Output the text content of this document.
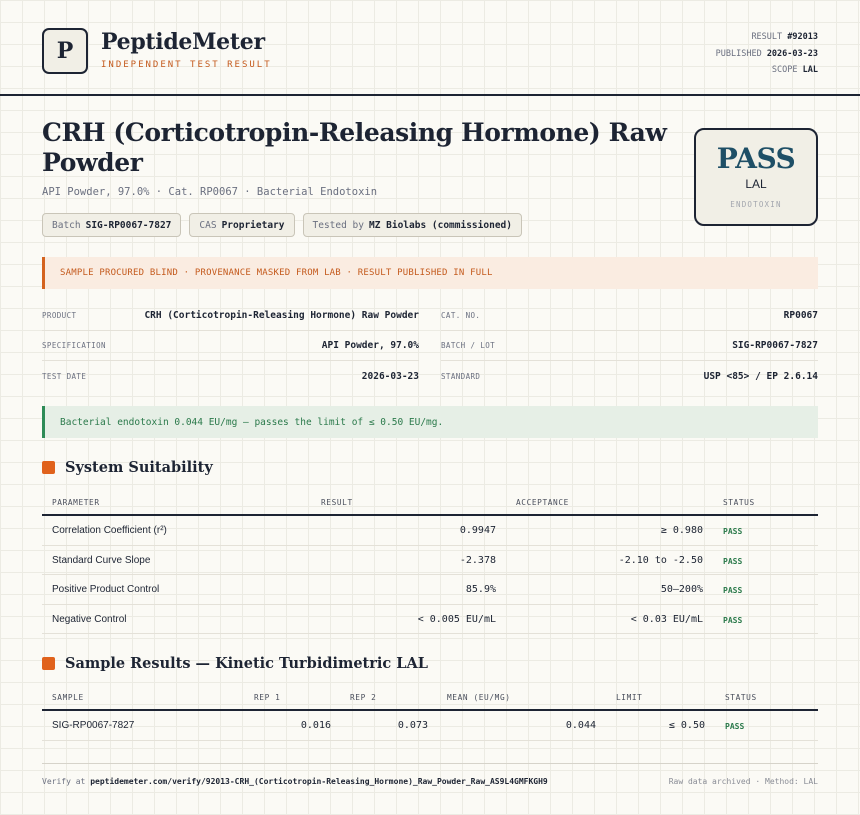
P	PeptideMeter
INDEPENDENT TEST RESULT
RESULT #92013
PUBLISHED 2026-03-23
SCOPE LAL
CRH (Corticotropin-Releasing Hormone) Raw Powder
API Powder, 97.0% · Cat. RP0067 · Bacterial Endotoxin
Batch SIG-RP0067-7827	CAS Proprietary	Tested by MZ Biolabs (commissioned)
PASS
LAL
ENDOTOXIN
SAMPLE PROCURED BLIND · PROVENANCE MASKED FROM LAB · RESULT PUBLISHED IN FULL
PRODUCT	CRH (Corticotropin-Releasing Hormone) Raw Powder
SPECIFICATION	API Powder, 97.0%
TEST DATE	2026-03-23
CAT. NO.	RP0067
BATCH / LOT	SIG-RP0067-7827
STANDARD	USP <85> / EP 2.6.14
Bacterial endotoxin 0.044 EU/mg — passes the limit of ≤ 0.50 EU/mg.
System Suitability
PARAMETER	RESULT	ACCEPTANCE	STATUS
Correlation Coefficient (r²)	0.9947	≥ 0.980	PASS
Standard Curve Slope	-2.378	-2.10 to -2.50	PASS
Positive Product Control	85.9%	50–200%	PASS
Negative Control	< 0.005 EU/mL	< 0.03 EU/mL	PASS
Sample Results — Kinetic Turbidimetric LAL
SAMPLE	REP 1	REP 2	MEAN (EU/MG)	LIMIT	STATUS
SIG-RP0067-7827	0.016	0.073	0.044	≤ 0.50	PASS
Verify at peptidemeter.com/verify/92013-CRH_(Corticotropin-Releasing_Hormone)_Raw_Powder_Raw_AS9L4GMFKGH9	Raw data archived · Method: LAL
